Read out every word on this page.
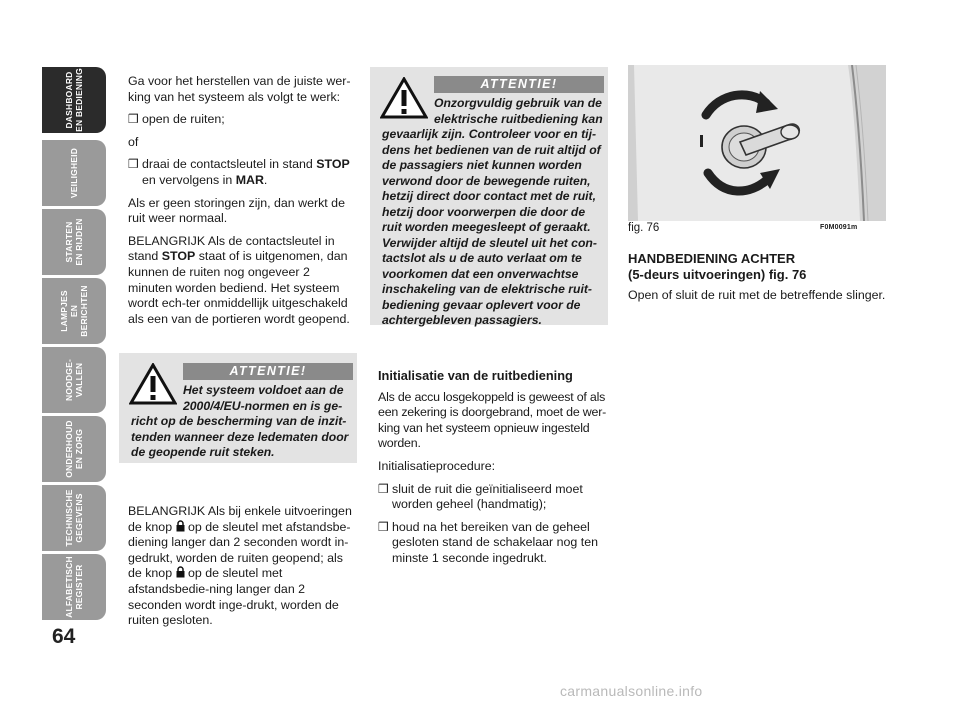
DASHBOARD
EN BEDIENING
VEILIGHEID
STARTEN
EN RIJDEN
LAMPJES
EN BERICHTEN
NOODGE-
VALLEN
ONDERHOUD
EN ZORG
TECHNISCHE
GEGEVENS
ALFABETISCH
REGISTER
64

Ga voor het herstellen van de juiste wer-king van het systeem als volgt te werk:

❒ open de ruiten;

of

❒ draai de contactsleutel in stand STOP en vervolgens in MAR.

Als er geen storingen zijn, dan werkt de ruit weer normaal.

BELANGRIJK Als de contactsleutel in stand STOP staat of is uitgenomen, dan kunnen de ruiten nog ongeveer 2 minuten worden bediend. Het systeem wordt ech-ter onmiddellijk uitgeschakeld als een van de portieren wordt geopend.

ATTENTIE!
Het systeem voldoet aan de 2000/4/EU-normen en is ge-
richt op de bescherming van de inzit-tenden wanneer deze ledematen door de geopende ruit steken.

BELANGRIJK Als bij enkele uitvoeringen de knop  op de sleutel met afstandsbe-diening langer dan 2 seconden wordt in-gedrukt, worden de ruiten geopend; als de knop  op de sleutel met afstandsbedie-ning langer dan 2 seconden wordt inge-drukt, worden de ruiten gesloten.

ATTENTIE!
Onzorgvuldig gebruik van de elektrische ruitbediening kan
gevaarlijk zijn. Controleer voor en tij-dens het bedienen van de ruit altijd of de passagiers niet kunnen worden verwond door de bewegende ruiten, hetzij direct door contact met de ruit, hetzij door voorwerpen die door de ruit worden meegesleept of geraakt. Verwijder altijd de sleutel uit het con-tactslot als u de auto verlaat om te voorkomen dat een onverwachtse inschakeling van de elektrische ruit-bediening gevaar oplevert voor de achtergebleven passagiers.
Initialisatie van de ruitbediening

Als de accu losgekoppeld is geweest of als een zekering is doorgebrand, moet de wer-king van het systeem opnieuw ingesteld worden.

Initialisatieprocedure:

❒ sluit de ruit die geïnitialiseerd moet worden geheel (handmatig);
❒ houd na het bereiken van de geheel gesloten stand de schakelaar nog ten minste 1 seconde ingedrukt.
fig. 76	F0M0091m
HANDBEDIENING ACHTER
(5-deurs uitvoeringen) fig. 76

Open of sluit de ruit met de betreffende slinger.

carmanualsonline.info
